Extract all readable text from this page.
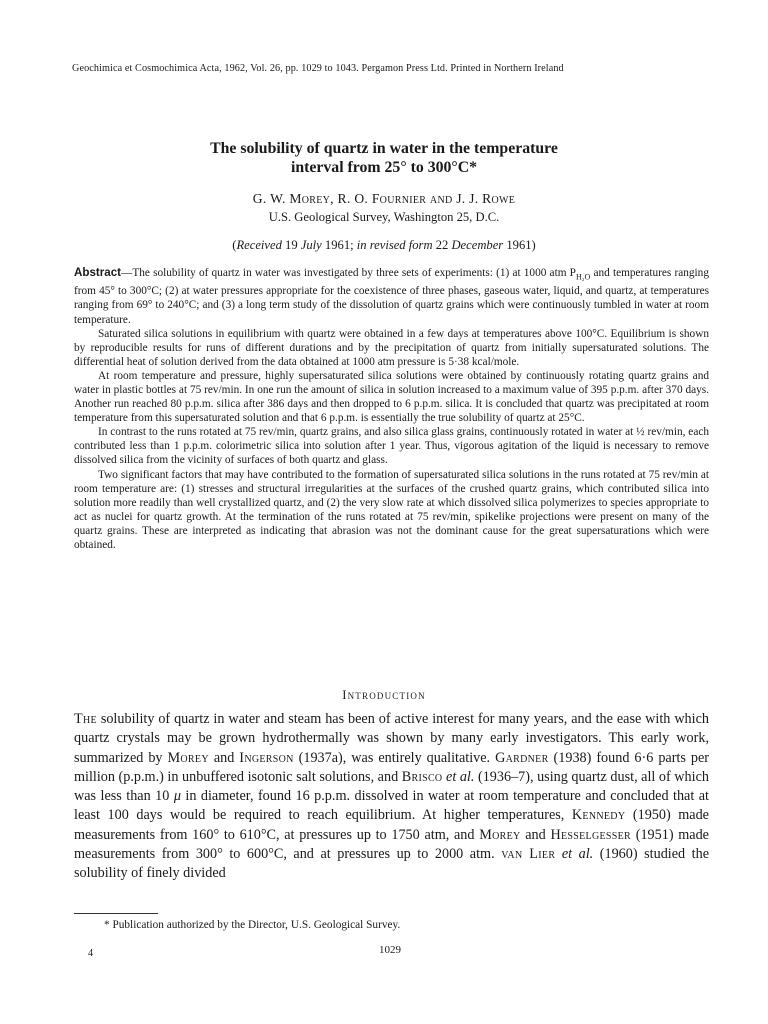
Geochimica et Cosmochimica Acta, 1962, Vol. 26, pp. 1029 to 1043. Pergamon Press Ltd. Printed in Northern Ireland
The solubility of quartz in water in the temperature
interval from 25° to 300°C*
G. W. Morey, R. O. Fournier and J. J. Rowe
U.S. Geological Survey, Washington 25, D.C.
(Received 19 July 1961; in revised form 22 December 1961)

Abstract—The solubility of quartz in water was investigated by three sets of experiments: (1) at 1000 atm $P_{H_2O}$ and temperatures ranging from 45° to 300°C; (2) at water pressures appropriate for the coexistence of three phases, gaseous water, liquid, and quartz, at temperatures ranging from 69° to 240°C; and (3) a long term study of the dissolution of quartz grains which were continuously tumbled in water at room temperature.

Saturated silica solutions in equilibrium with quartz were obtained in a few days at temperatures above 100°C. Equilibrium is shown by reproducible results for runs of different durations and by the precipitation of quartz from initially supersaturated solutions. The differential heat of solution derived from the data obtained at 1000 atm pressure is 5·38 kcal/mole.

At room temperature and pressure, highly supersaturated silica solutions were obtained by continuously rotating quartz grains and water in plastic bottles at 75 rev/min. In one run the amount of silica in solution increased to a maximum value of 395 p.p.m. after 370 days. Another run reached 80 p.p.m. silica after 386 days and then dropped to 6 p.p.m. silica. It is concluded that quartz was precipitated at room temperature from this supersaturated solution and that 6 p.p.m. is essentially the true solubility of quartz at 25°C.

In contrast to the runs rotated at 75 rev/min, quartz grains, and also silica glass grains, continuously rotated in water at ½ rev/min, each contributed less than 1 p.p.m. colorimetric silica into solution after 1 year. Thus, vigorous agitation of the liquid is necessary to remove dissolved silica from the vicinity of surfaces of both quartz and glass.

Two significant factors that may have contributed to the formation of supersaturated silica solutions in the runs rotated at 75 rev/min at room temperature are: (1) stresses and structural irregularities at the surfaces of the crushed quartz grains, which contributed silica into solution more readily than well crystallized quartz, and (2) the very slow rate at which dissolved silica polymerizes to species appropriate to act as nuclei for quartz growth. At the termination of the runs rotated at 75 rev/min, spikelike projections were present on many of the quartz grains. These are interpreted as indicating that abrasion was not the dominant cause for the great supersaturations which were obtained.

Introduction

The solubility of quartz in water and steam has been of active interest for many years, and the ease with which quartz crystals may be grown hydrothermally was shown by many early investigators. This early work, summarized by Morey and Ingerson (1937a), was entirely qualitative. Gardner (1938) found 6·6 parts per million (p.p.m.) in unbuffered isotonic salt solutions, and Brisco et al. (1936–7), using quartz dust, all of which was less than 10 μ in diameter, found 16 p.p.m. dissolved in water at room temperature and concluded that at least 100 days would be required to reach equilibrium. At higher temperatures, Kennedy (1950) made measurements from 160° to 610°C, at pressures up to 1750 atm, and Morey and Hesselgesser (1951) made measurements from 300° to 600°C, and at pressures up to 2000 atm. van Lier et al. (1960) studied the solubility of finely divided

* Publication authorized by the Director, U.S. Geological Survey.
4	1029
